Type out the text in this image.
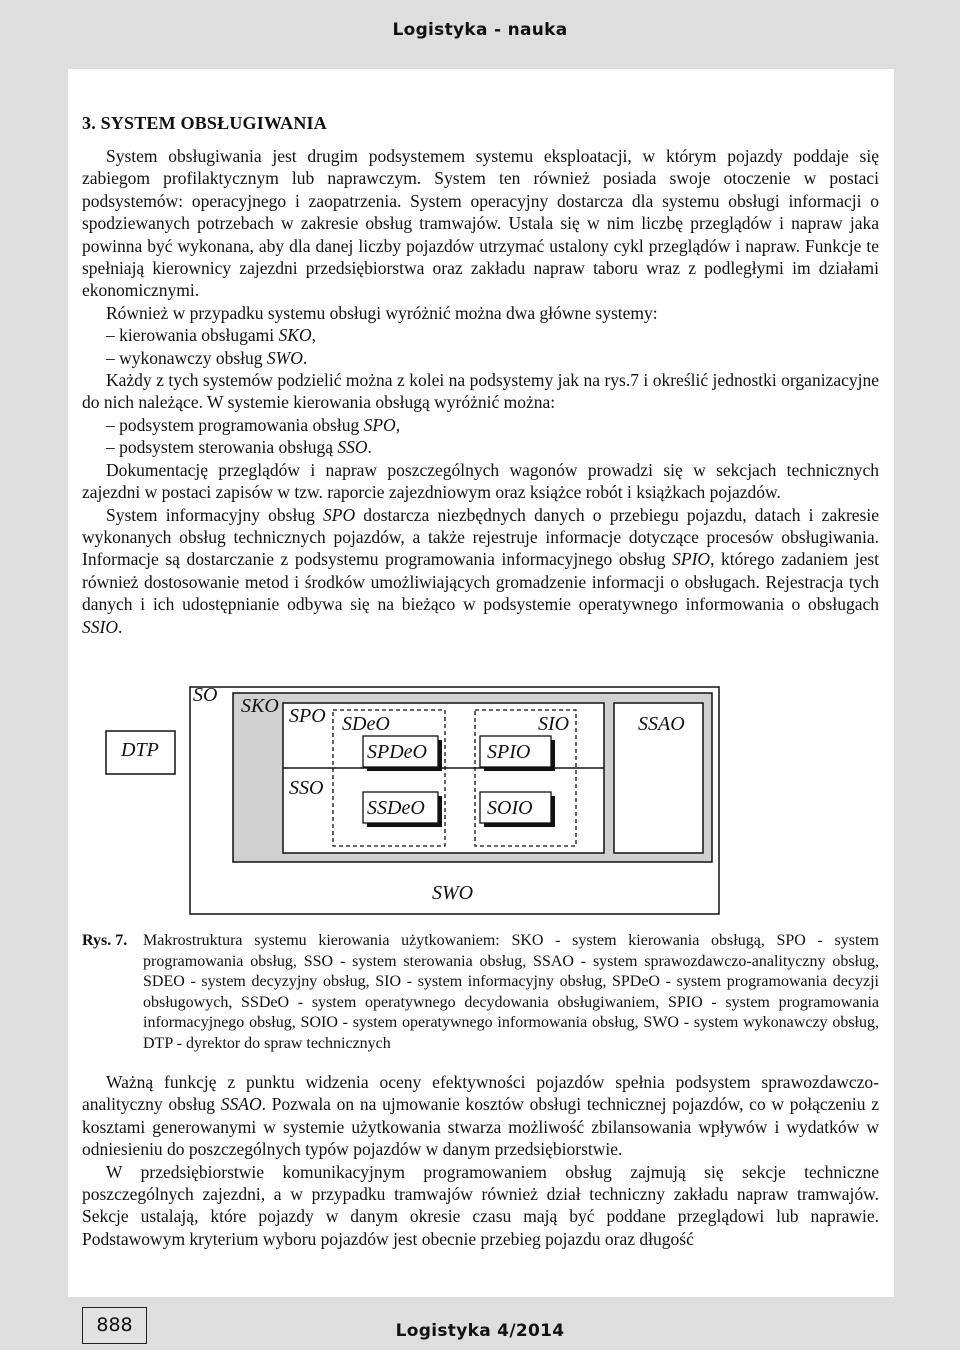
Logistyka - nauka
3. SYSTEM OBSŁUGIWANIA

System obsługiwania jest drugim podsystemem systemu eksploatacji, w którym pojazdy poddaje się zabiegom profilaktycznym lub naprawczym. System ten również posiada swoje otoczenie w postaci podsystemów: operacyjnego i zaopatrzenia. System operacyjny dostarcza dla systemu obsługi informacji o spodziewanych potrzebach w zakresie obsług tramwajów. Ustala się w nim liczbę przeglądów i napraw jaka powinna być wykonana, aby dla danej liczby pojazdów utrzymać ustalony cykl przeglądów i napraw. Funkcje te spełniają kierownicy zajezdni przedsiębiorstwa oraz zakładu napraw taboru wraz z podległymi im działami ekonomicznymi.

Również w przypadku systemu obsługi wyróżnić można dwa główne systemy:

– kierowania obsługami SKO,
– wykonawczy obsług SWO.

Każdy z tych systemów podzielić można z kolei na podsystemy jak na rys.7 i określić jednostki organizacyjne do nich należące. W systemie kierowania obsługą wyróżnić można:

– podsystem programowania obsług SPO,
– podsystem sterowania obsługą SSO.

Dokumentację przeglądów i napraw poszczególnych wagonów prowadzi się w sekcjach technicznych zajezdni w postaci zapisów w tzw. raporcie zajezdniowym oraz książce robót i książkach pojazdów.

System informacyjny obsług SPO dostarcza niezbędnych danych o przebiegu pojazdu, datach i zakresie wykonanych obsług technicznych pojazdów, a także rejestruje informacje dotyczące procesów obsługiwania. Informacje są dostarczanie z podsystemu programowania informacyjnego obsług SPIO, którego zadaniem jest również dostosowanie metod i środków umożliwiających gromadzenie informacji o obsługach. Rejestracja tych danych i ich udostępnianie odbywa się na bieżąco w podsystemie operatywnego informowania o obsługach SSIO.

SO SKO SPO SDeO	SIO	SSAO
DTP	SPDeO	SPIO
SSO
SSDeO	SOIO
SWO
Rys. 7. Makrostruktura systemu kierowania użytkowaniem: SKO - system kierowania obsługą, SPO - system programowania obsług, SSO - system sterowania obsług, SSAO - system sprawozdawczo-analityczny obsług, SDEO - system decyzyjny obsług, SIO - system informacyjny obsług, SPDeO - system programowania decyzji obsługowych, SSDeO - system operatywnego decydowania obsługiwaniem, SPIO - system programowania informacyjnego obsług, SOIO - system operatywnego informowania obsług, SWO - system wykonawczy obsług, DTP - dyrektor do spraw technicznych

Ważną funkcję z punktu widzenia oceny efektywności pojazdów spełnia podsystem sprawozdawczo-analityczny obsług SSAO. Pozwala on na ujmowanie kosztów obsługi technicznej pojazdów, co w połączeniu z kosztami generowanymi w systemie użytkowania stwarza możliwość zbilansowania wpływów i wydatków w odniesieniu do poszczególnych typów pojazdów w danym przedsiębiorstwie.

W przedsiębiorstwie komunikacyjnym programowaniem obsług zajmują się sekcje techniczne poszczególnych zajezdni, a w przypadku tramwajów również dział techniczny zakładu napraw tramwajów. Sekcje ustalają, które pojazdy w danym okresie czasu mają być poddane przeglądowi lub naprawie. Podstawowym kryterium wyboru pojazdów jest obecnie przebieg pojazdu oraz długość

888	Logistyka 4/2014
